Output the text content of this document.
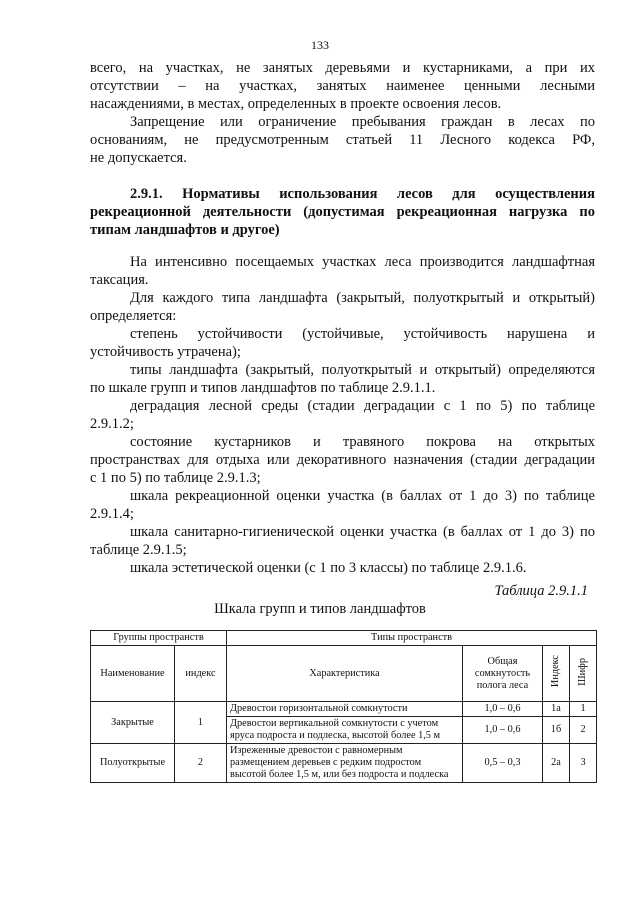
133
всего, на участках, не занятых деревьями и кустарниками, а при их
отсутствии – на участках, занятых наименее ценными лесными
насаждениями, в местах, определенных в проекте освоения лесов.
Запрещение или ограничение пребывания граждан в лесах по
основаниям, не предусмотренным статьей 11 Лесного кодекса РФ,
не допускается.
2.9.1. Нормативы использования лесов для осуществления
рекреационной деятельности (допустимая рекреационная нагрузка по
типам ландшафтов и другое)
На интенсивно посещаемых участках леса производится ландшафтная
таксация.
Для каждого типа ландшафта (закрытый, полуоткрытый и открытый)
определяется:
степень устойчивости (устойчивые, устойчивость нарушена и
устойчивость утрачена);
типы ландшафта (закрытый, полуоткрытый и открытый) определяются
по шкале групп и типов ландшафтов по таблице 2.9.1.1.
деградация лесной среды (стадии деградации с 1 по 5) по таблице
2.9.1.2;
состояние кустарников и травяного покрова на открытых
пространствах для отдыха или декоративного назначения (стадии деградации
с 1 по 5) по таблице 2.9.1.3;
шкала рекреационной оценки участка (в баллах от 1 до 3) по таблице
2.9.1.4;
шкала санитарно-гигиенической оценки участка (в баллах от 1 до 3) по
таблице 2.9.1.5;
шкала эстетической оценки (с 1 по 3 классы) по таблице 2.9.1.6.
Таблица 2.9.1.1
Шкала групп и типов ландшафтов
Группы пространств		Типы пространств			
Наименование	индекс	Характеристика	Общая сомкнутость полога леса	Индекс	Шифр
Закрытые	1	Древостои горизонтальной сомкнутости	1,0 – 0,6	1а	1
		Древостои вертикальной сомкнутости с учетом яруса подроста и подлеска, высотой более 1,5 м	1,0 – 0,6	1б	2
Полуоткрытые	2	Изреженные древостои с равномерным размещением деревьев с редким подростом высотой более 1,5 м, или без подроста и подлеска	0,5 – 0,3	2а	3
